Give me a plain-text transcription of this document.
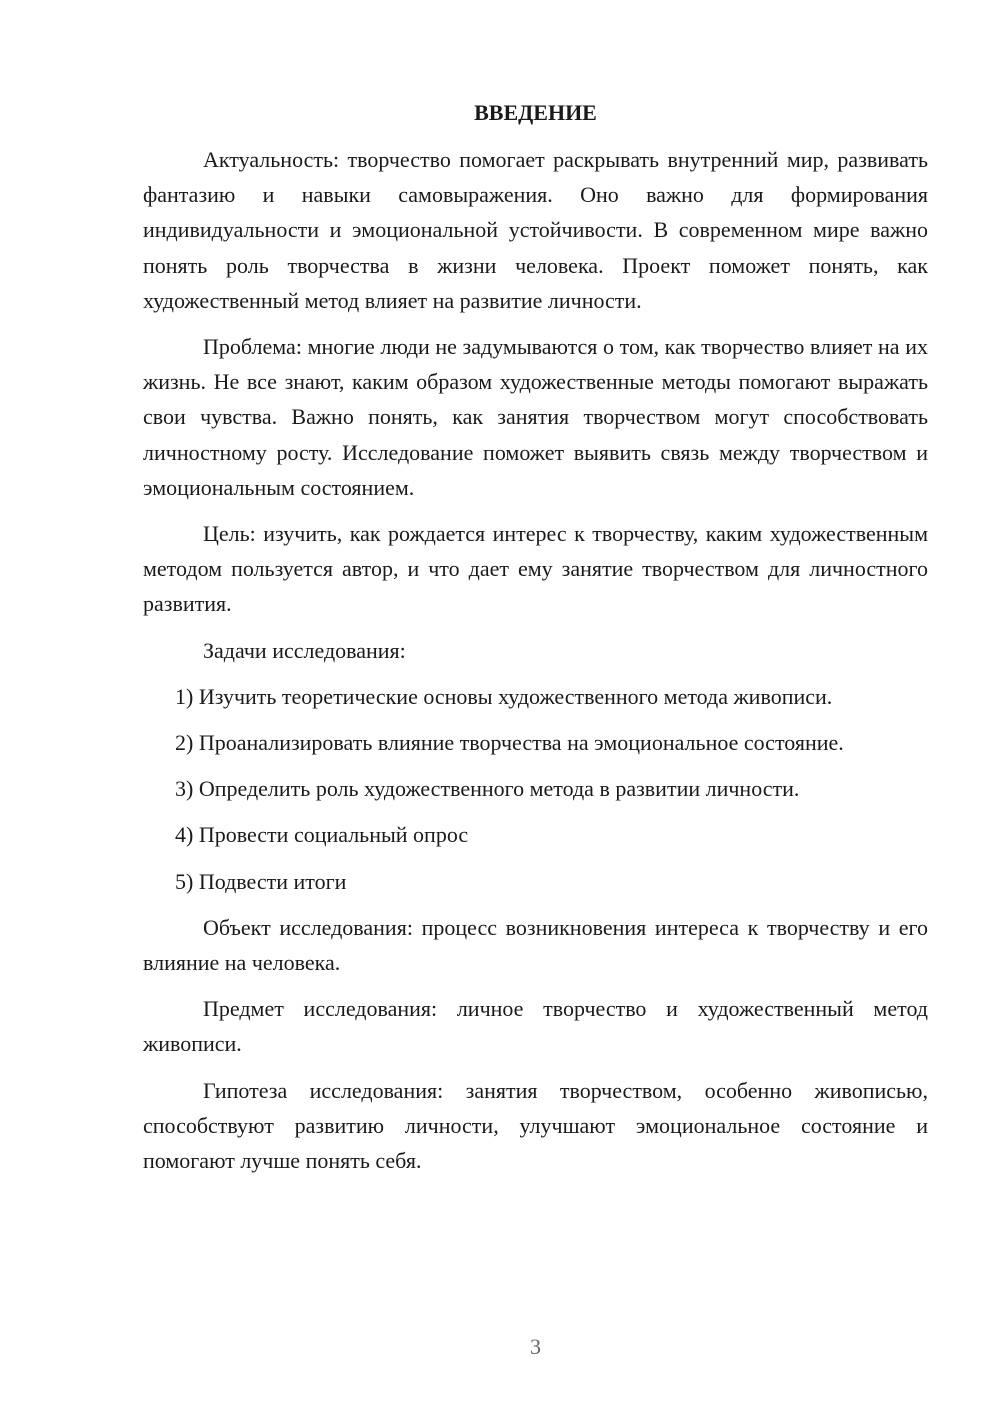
ВВЕДЕНИЕ

Актуальность: творчество помогает раскрывать внутренний мир, развивать фантазию и навыки самовыражения. Оно важно для формирования индивидуальности и эмоциональной устойчивости. В современном мире важно понять роль творчества в жизни человека. Проект поможет понять, как художественный метод влияет на развитие личности.

Проблема: многие люди не задумываются о том, как творчество влияет на их жизнь. Не все знают, каким образом художественные методы помогают выражать свои чувства. Важно понять, как занятия творчеством могут способствовать личностному росту. Исследование поможет выявить связь между творчеством и эмоциональным состоянием.

Цель: изучить, как рождается интерес к творчеству, каким художественным методом пользуется автор, и что дает ему занятие творчеством для личностного развития.

Задачи исследования:

1) Изучить теоретические основы художественного метода живописи.

2) Проанализировать влияние творчества на эмоциональное состояние.

3) Определить роль художественного метода в развитии личности.

4) Провести социальный опрос

5) Подвести итоги

Объект исследования: процесс возникновения интереса к творчеству и его влияние на человека.

Предмет исследования: личное творчество и художественный метод живописи.

Гипотеза исследования: занятия творчеством, особенно живописью, способствуют развитию личности, улучшают эмоциональное состояние и помогают лучше понять себя.

3
